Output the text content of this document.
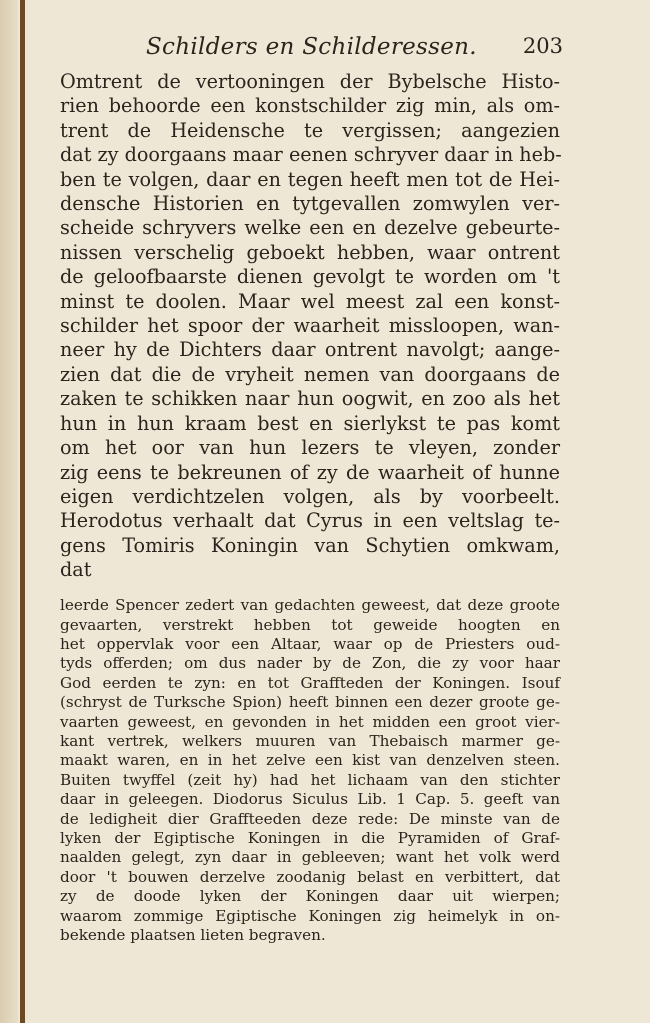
Schilders en Schilderessen. 203
Omtrent de vertooningen der Bybelsche Histo-
rien behoorde een konstschilder zig min, als om-
trent de Heidensche te vergissen; aangezien
dat zy doorgaans maar eenen schryver daar in heb-
ben te volgen, daar en tegen heeft men tot de Hei-
densche Historien en tytgevallen zomwylen ver-
scheide schryvers welke een en dezelve gebeurte-
nissen verschelig geboekt hebben, waar ontrent
de geloofbaarste dienen gevolgt te worden om 't
minst te doolen. Maar wel meest zal een konst-
schilder het spoor der waarheit missloopen, wan-
neer hy de Dichters daar ontrent navolgt; aange-
zien dat die de vryheit nemen van doorgaans de
zaken te schikken naar hun oogwit, en zoo als het
hun in hun kraam best en sierlykst te pas komt
om het oor van hun lezers te vleyen, zonder
zig eens te bekreunen of zy de waarheit of hunne
eigen verdichtzelen volgen, als by voorbeelt.
Herodotus verhaalt dat Cyrus in een veltslag te-
gens Tomiris Koningin van Schytien omkwam,
dat
leerde Spencer zedert van gedachten geweest, dat deze groote
gevaarten, verstrekt hebben tot geweide hoogten en
het oppervlak voor een Altaar, waar op de Priesters oud-
tyds offerden; om dus nader by de Zon, die zy voor haar
God eerden te zyn: en tot Graffteden der Koningen. Isouf
(schryst de Turksche Spion) heeft binnen een dezer groote ge-
vaarten geweest, en gevonden in het midden een groot vier-
kant vertrek, welkers muuren van Thebaisch marmer ge-
maakt waren, en in het zelve een kist van denzelven steen.
Buiten twyffel (zeit hy) had het lichaam van den stichter
daar in geleegen. Diodorus Siculus Lib. 1 Cap. 5. geeft van
de ledigheit dier Graffteeden deze rede: De minste van de
lyken der Egiptische Koningen in die Pyramiden of Graf-
naalden gelegt, zyn daar in gebleeven; want het volk werd
door 't bouwen derzelve zoodanig belast en verbittert, dat
zy de doode lyken der Koningen daar uit wierpen;
waarom zommige Egiptische Koningen zig heimelyk in on-
bekende plaatsen lieten begraven.
